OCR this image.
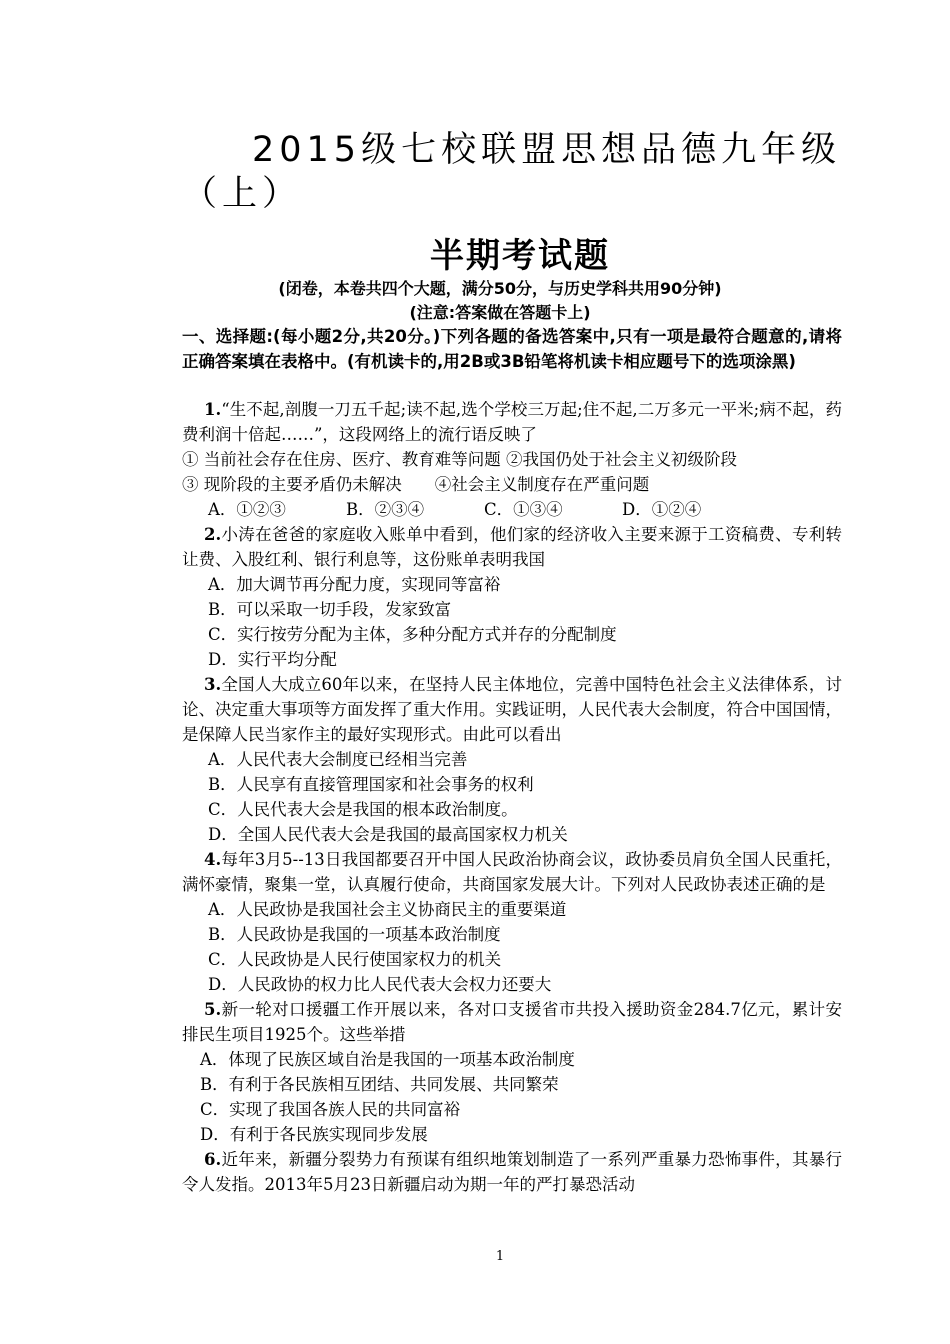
2015级七校联盟思想品德九年级（上）
半期考试题
(闭卷，本卷共四个大题，满分50分，与历史学科共用90分钟)
(注意:答案做在答题卡上)

一、选择题:(每小题2分,共20分。)下列各题的备选答案中,只有一项是最符合题意的,请将正确答案填在表格中。(有机读卡的,用2B或3B铅笔将机读卡相应题号下的选项涂黑)

1.“生不起,剖腹一刀五千起;读不起,选个学校三万起;住不起,二万多元一平米;病不起，药费利润十倍起……”，这段网络上的流行语反映了

① 当前社会存在住房、医疗、教育难等问题 ②我国仍处于社会主义初级阶段

③ 现阶段的主要矛盾仍未解决　　④社会主义制度存在严重问题

A．①②③	B．②③④	C．①③④	D．①②④

2.小涛在爸爸的家庭收入账单中看到，他们家的经济收入主要来源于工资稿费、专利转让费、入股红利、银行利息等，这份账单表明我国

A．加大调节再分配力度，实现同等富裕

B．可以采取一切手段，发家致富

C．实行按劳分配为主体，多种分配方式并存的分配制度

D．实行平均分配

3.全国人大成立60年以来，在坚持人民主体地位，完善中国特色社会主义法律体系，讨论、决定重大事项等方面发挥了重大作用。实践证明，人民代表大会制度，符合中国国情，是保障人民当家作主的最好实现形式。由此可以看出

A．人民代表大会制度已经相当完善

B．人民享有直接管理国家和社会事务的权利

C．人民代表大会是我国的根本政治制度。

D．全国人民代表大会是我国的最高国家权力机关

4.每年3月5--13日我国都要召开中国人民政治协商会议，政协委员肩负全国人民重托，满怀豪情，聚集一堂，认真履行使命，共商国家发展大计。下列对人民政协表述正确的是

A．人民政协是我国社会主义协商民主的重要渠道

B．人民政协是我国的一项基本政治制度

C．人民政协是人民行使国家权力的机关

D．人民政协的权力比人民代表大会权力还要大

5.新一轮对口援疆工作开展以来，各对口支援省市共投入援助资金284.7亿元，累计安排民生项目1925个。这些举措

A．体现了民族区域自治是我国的一项基本政治制度

B．有利于各民族相互团结、共同发展、共同繁荣

C．实现了我国各族人民的共同富裕

D．有利于各民族实现同步发展

6.近年来，新疆分裂势力有预谋有组织地策划制造了一系列严重暴力恐怖事件，其暴行令人发指。2013年5月23日新疆启动为期一年的严打暴恐活动

1
